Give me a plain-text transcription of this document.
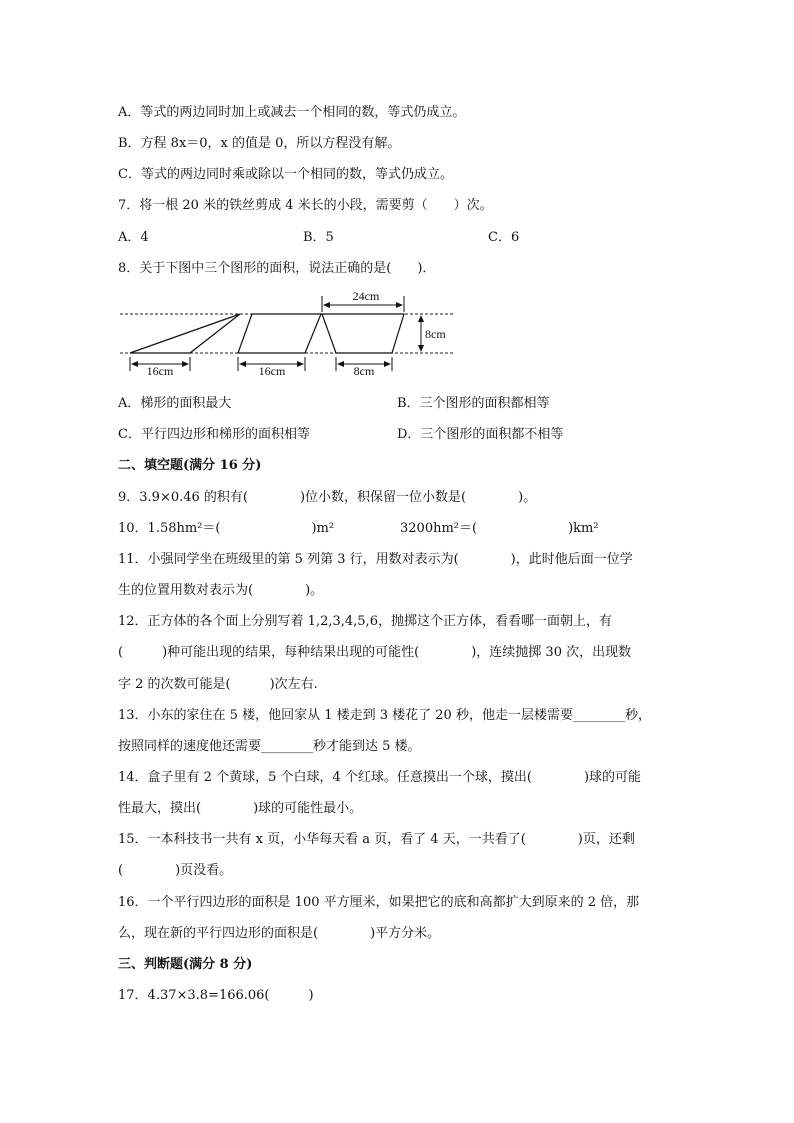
A．等式的两边同时加上或减去一个相同的数，等式仍成立。
B．方程 8x＝0，x 的值是 0，所以方程没有解。
C．等式的两边同时乘或除以一个相同的数，等式仍成立。
7．将一根 20 米的铁丝剪成 4 米长的小段，需要剪（　　）次。
A．4	B．5	C．6
8．关于下图中三个图形的面积，说法正确的是(　　)．
16cm	16cm	8cm
24cm
8cm
A．梯形的面积最大	B．三个图形的面积都相等
C．平行四边形和梯形的面积相等	D．三个图形的面积都不相等
二、填空题(满分 16 分)
9．3.9×0.46 的积有(　　　　)位小数，积保留一位小数是(　　　　)。
10．1.58hm²＝(　　　　　　　)m²	3200hm²＝(　　　　　　　)km²
11．小强同学坐在班级里的第 5 列第 3 行，用数对表示为(　　　　)，此时他后面一位学
生的位置用数对表示为(　　　　)。
12．正方体的各个面上分别写着 1,2,3,4,5,6，抛掷这个正方体，看看哪一面朝上，有
(　　　)种可能出现的结果，每种结果出现的可能性(　　　　)，连续抛掷 30 次，出现数
字 2 的次数可能是(　　　)次左右.
13．小东的家住在 5 楼，他回家从 1 楼走到 3 楼花了 20 秒，他走一层楼需要________秒，
按照同样的速度他还需要________秒才能到达 5 楼。
14．盒子里有 2 个黄球，5 个白球，4 个红球。任意摸出一个球，摸出(　　　　)球的可能
性最大，摸出(　　　　)球的可能性最小。
15．一本科技书一共有 x 页，小华每天看 a 页，看了 4 天，一共看了(　　　　)页，还剩
(　　　　)页没看。
16．一个平行四边形的面积是 100 平方厘米，如果把它的底和高都扩大到原来的 2 倍，那
么，现在新的平行四边形的面积是(　　　　)平方分米。
三、判断题(满分 8 分)
17．4.37×3.8=166.06(　　　)
